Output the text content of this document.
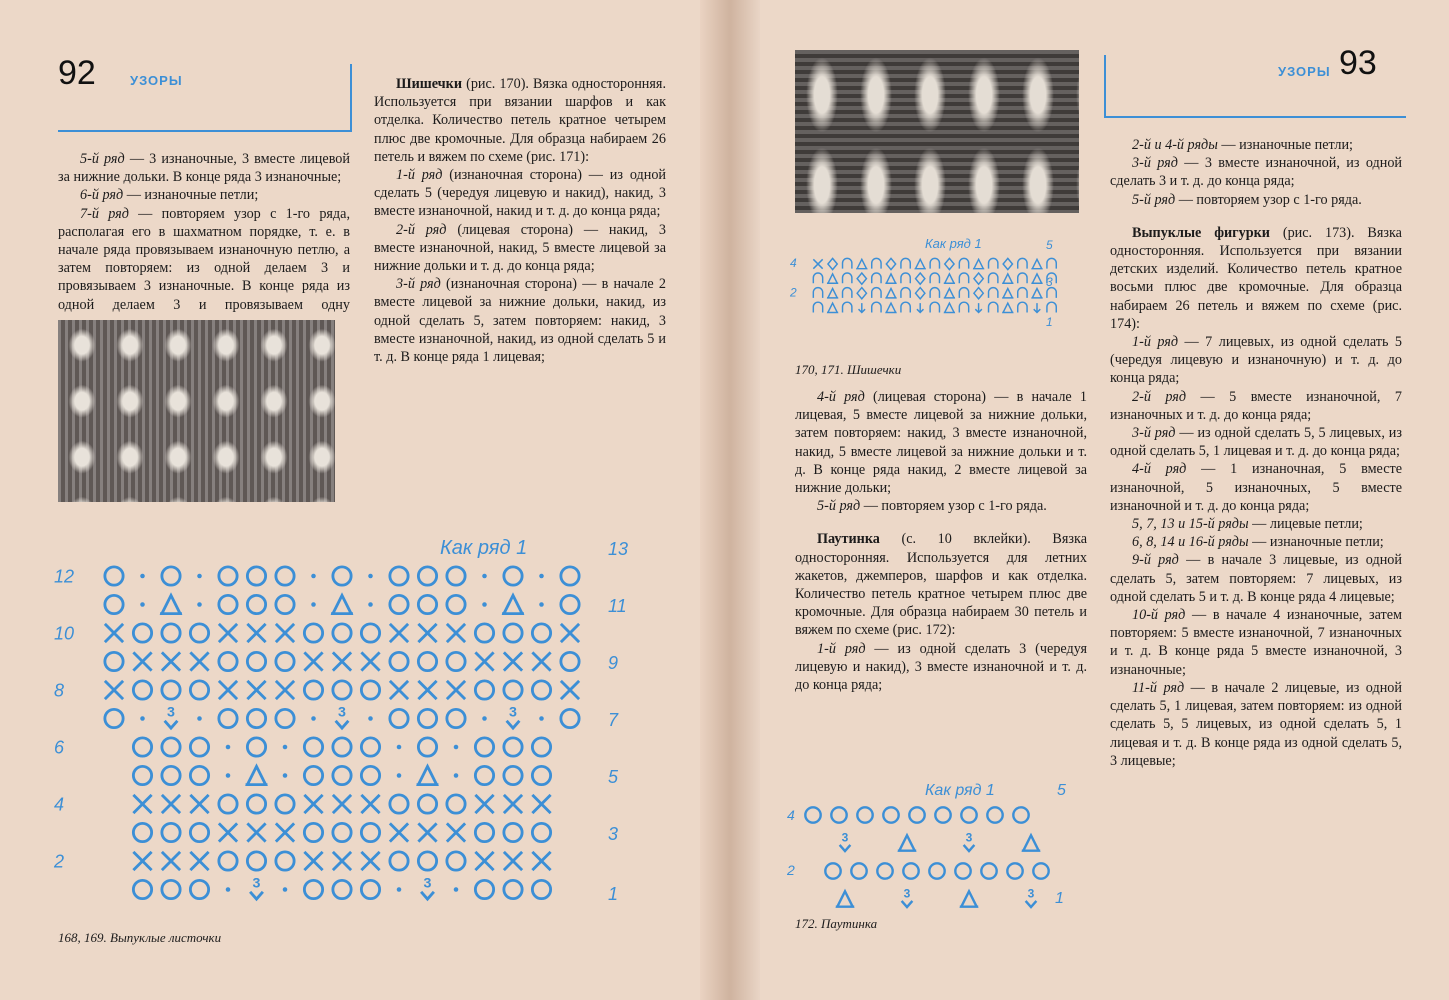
92	УЗОРЫ

5-й ряд — 3 изнаночные, 3 вместе лицевой за нижние дольки. В конце ряда 3 изнаночные;

6-й ряд — изнаночные петли;

7-й ряд — повторяем узор с 1-го ряда, располагая его в шахматном порядке, т. е. в начале ряда провязываем изнаночную петлю, а затем повторяем: из одной делаем 3 и провязываем 3 изнаночные. В конце ряда из одной делаем 3 и провязываем одну

Шишечки (рис. 170). Вязка односторонняя. Используется при вязании шарфов и как отделка. Количество петель кратное четырем плюс две кромочные. Для образца набираем 26 петель и вяжем по схеме (рис. 171):

1-й ряд (изнаночная сторона) — из одной сделать 5 (чередуя лицевую и накид), накид, 3 вместе изнаночной, накид и т. д. до конца ряда;

2-й ряд (лицевая сторона) — накид, 3 вместе изнаночной, накид, 5 вместе лицевой за нижние дольки и т. д. до конца ряда;

3-й ряд (изнаночная сторона) — в начале 2 вместе лицевой за нижние дольки, накид, из одной сделать 5, затем повторяем: накид, 3 вместе изнаночной, накид, из одной сделать 5 и т. д. В конце ряда 1 лицевая;

Как ряд 1
3	3	3
3	3
12
10
8
6
4
2
13
11
9
7
5
3
1
168, 169. Выпуклые листочки
УЗОРЫ 93
Как ряд 1
4
2
5
3
1
170, 171. Шишечки

4-й ряд (лицевая сторона) — в начале 1 лицевая, 5 вместе лицевой за нижние дольки, затем повторяем: накид, 3 вместе изнаночной, накид, 5 вместе лицевой за нижние дольки и т. д. В конце ряда накид, 2 вместе лицевой за нижние дольки;

5-й ряд — повторяем узор с 1-го ряда.

Паутинка (с. 10 вклейки). Вязка односторонняя. Используется для летних жакетов, джемперов, шарфов и как отделка. Количество петель кратное четырем плюс две кромочные. Для образца набираем 30 петель и вяжем по схеме (рис. 172):

1-й ряд — из одной сделать 3 (чередуя лицевую и накид), 3 вместе изнаночной и т. д. до конца ряда;

Как ряд 1
3	3
3	3
4
2
5
1
172. Паутинка

2-й и 4-й ряды — изнаночные петли;

3-й ряд — 3 вместе изнаночной, из одной сделать 3 и т. д. до конца ряда;

5-й ряд — повторяем узор с 1-го ряда.

Выпуклые фигурки (рис. 173). Вязка односторонняя. Используется при вязании детских изделий. Количество петель кратное восьми плюс две кромочные. Для образца набираем 26 петель и вяжем по схеме (рис. 174):

1-й ряд — 7 лицевых, из одной сделать 5 (чередуя лицевую и изнаночную) и т. д. до конца ряда;

2-й ряд — 5 вместе изнаночной, 7 изнаночных и т. д. до конца ряда;

3-й ряд — из одной сделать 5, 5 лицевых, из одной сделать 5, 1 лицевая и т. д. до конца ряда;

4-й ряд — 1 изнаночная, 5 вместе изнаночной, 5 изнаночных, 5 вместе изнаночной и т. д. до конца ряда;

5, 7, 13 и 15-й ряды — лицевые петли;

6, 8, 14 и 16-й ряды — изнаночные петли;

9-й ряд — в начале 3 лицевые, из одной сделать 5, затем повторяем: 7 лицевых, из одной сделать 5 и т. д. В конце ряда 4 лицевые;

10-й ряд — в начале 4 изнаночные, затем повторяем: 5 вместе изнаночной, 7 изнаночных и т. д. В конце ряда 5 вместе изнаночной, 3 изнаночные;

11-й ряд — в начале 2 лицевые, из одной сделать 5, 1 лицевая, затем повторяем: из одной сделать 5, 5 лицевых, из одной сделать 5, 1 лицевая и т. д. В конце ряда из одной сделать 5, 3 лицевые;
